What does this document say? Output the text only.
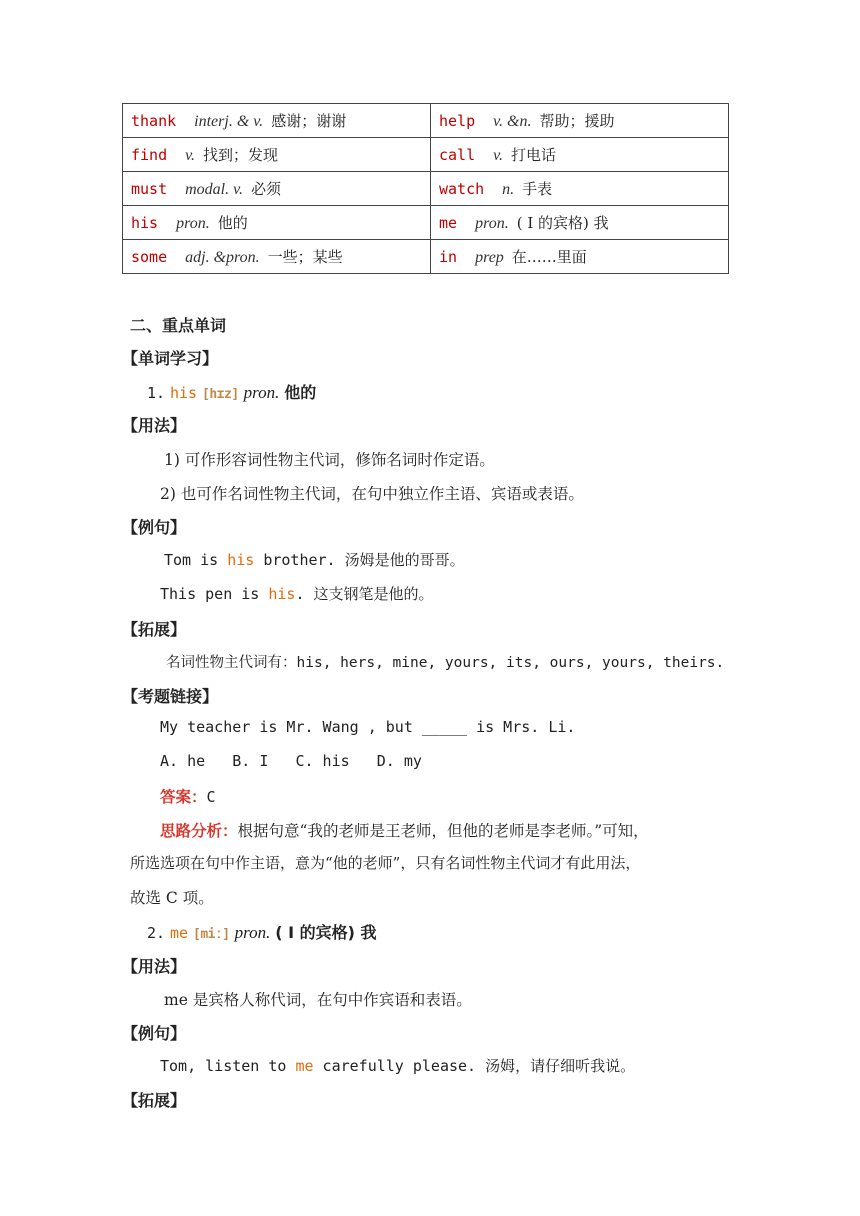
thank interj. & v. 感谢；谢谢	help v. &n. 帮助；援助
find v. 找到；发现	call v. 打电话
must modal. v. 必须	watch n. 手表
his pron. 他的	me pron. ( I 的宾格) 我
some adj. &pron. 一些；某些	in prep 在……里面
二、重点单词
【单词学习】
1. his [hɪz] pron. 他的
【用法】
1) 可作形容词性物主代词，修饰名词时作定语。
2) 也可作名词性物主代词，在句中独立作主语、宾语或表语。
【例句】
Tom is his brother. 汤姆是他的哥哥。
This pen is his. 这支钢笔是他的。
【拓展】
名词性物主代词有：his, hers, mine, yours, its, ours, yours, theirs.
【考题链接】
My teacher is Mr. Wang , but _____ is Mrs. Li.
A. he   B. I   C. his   D. my
答案：C
思路分析：根据句意“我的老师是王老师，但他的老师是李老师。”可知，
所选选项在句中作主语，意为“他的老师”，只有名词性物主代词才有此用法，
故选 C 项。
2. me [miː] pron. ( I 的宾格) 我
【用法】
me 是宾格人称代词，在句中作宾语和表语。
【例句】
Tom, listen to me carefully please. 汤姆，请仔细听我说。
【拓展】
